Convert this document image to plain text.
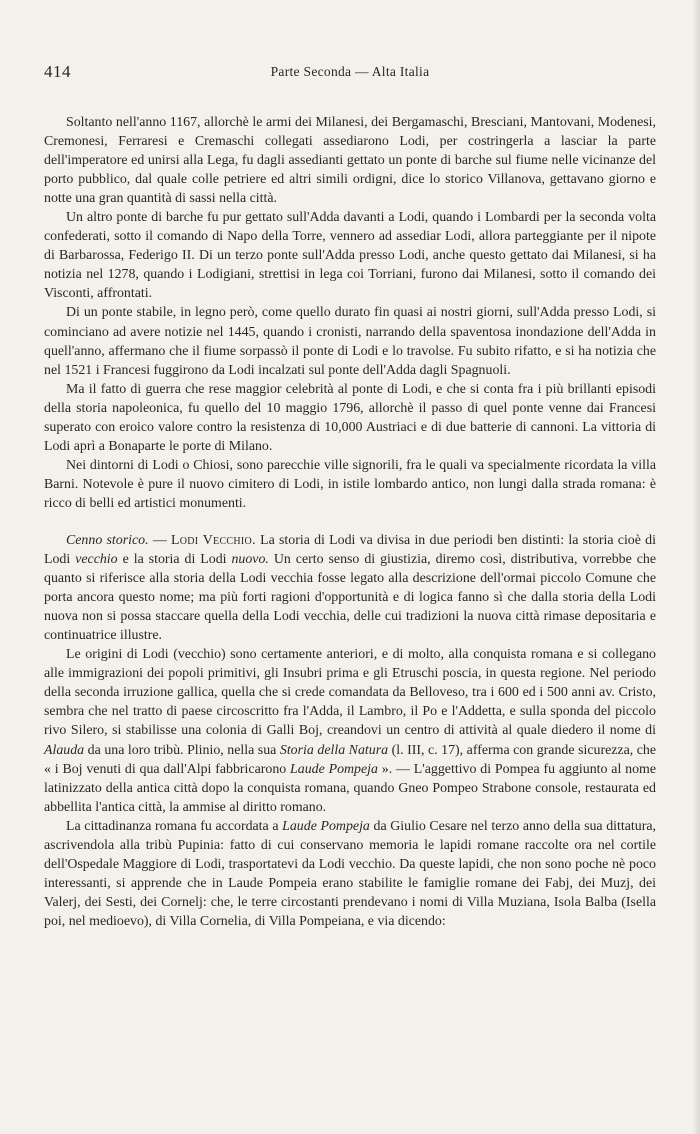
414	Parte Seconda — Alta Italia

Soltanto nell'anno 1167, allorchè le armi dei Milanesi, dei Bergamaschi, Bresciani, Mantovani, Modenesi, Cremonesi, Ferraresi e Cremaschi collegati assediarono Lodi, per costringerla a lasciar la parte dell'imperatore ed unirsi alla Lega, fu dagli assedianti gettato un ponte di barche sul fiume nelle vicinanze del porto pubblico, dal quale colle petriere ed altri simili ordigni, dice lo storico Villanova, gettavano giorno e notte una gran quantità di sassi nella città.

Un altro ponte di barche fu pur gettato sull'Adda davanti a Lodi, quando i Lombardi per la seconda volta confederati, sotto il comando di Napo della Torre, vennero ad assediar Lodi, allora parteggiante per il nipote di Barbarossa, Federigo II. Di un terzo ponte sull'Adda presso Lodi, anche questo gettato dai Milanesi, si ha notizia nel 1278, quando i Lodigiani, strettisi in lega coi Torriani, furono dai Milanesi, sotto il comando dei Visconti, affrontati.

Di un ponte stabile, in legno però, come quello durato fin quasi ai nostri giorni, sull'Adda presso Lodi, si cominciano ad avere notizie nel 1445, quando i cronisti, narrando della spaventosa inondazione dell'Adda in quell'anno, affermano che il fiume sorpassò il ponte di Lodi e lo travolse. Fu subito rifatto, e si ha notizia che nel 1521 i Francesi fuggirono da Lodi incalzati sul ponte dell'Adda dagli Spagnuoli.

Ma il fatto di guerra che rese maggior celebrità al ponte di Lodi, e che si conta fra i più brillanti episodi della storia napoleonica, fu quello del 10 maggio 1796, allorchè il passo di quel ponte venne dai Francesi superato con eroico valore contro la resistenza di 10,000 Austriaci e di due batterie di cannoni. La vittoria di Lodi aprì a Bonaparte le porte di Milano.

Nei dintorni di Lodi o Chiosi, sono parecchie ville signorili, fra le quali va specialmente ricordata la villa Barni. Notevole è pure il nuovo cimitero di Lodi, in istile lombardo antico, non lungi dalla strada romana: è ricco di belli ed artistici monumenti.

Cenno storico. — Lodi Vecchio. La storia di Lodi va divisa in due periodi ben distinti: la storia cioè di Lodi vecchio e la storia di Lodi nuovo. Un certo senso di giustizia, diremo così, distributiva, vorrebbe che quanto si riferisce alla storia della Lodi vecchia fosse legato alla descrizione dell'ormai piccolo Comune che porta ancora questo nome; ma più forti ragioni d'opportunità e di logica fanno sì che dalla storia della Lodi nuova non si possa staccare quella della Lodi vecchia, delle cui tradizioni la nuova città rimase depositaria e continuatrice illustre.

Le origini di Lodi (vecchio) sono certamente anteriori, e di molto, alla conquista romana e si collegano alle immigrazioni dei popoli primitivi, gli Insubri prima e gli Etruschi poscia, in questa regione. Nel periodo della seconda irruzione gallica, quella che si crede comandata da Belloveso, tra i 600 ed i 500 anni av. Cristo, sembra che nel tratto di paese circoscritto fra l'Adda, il Lambro, il Po e l'Addetta, e sulla sponda del piccolo rivo Silero, si stabilisse una colonia di Galli Boj, creandovi un centro di attività al quale diedero il nome di Alauda da una loro tribù. Plinio, nella sua Storia della Natura (l. III, c. 17), afferma con grande sicurezza, che « i Boj venuti di qua dall'Alpi fabbricarono Laude Pompeja ». — L'aggettivo di Pompea fu aggiunto al nome latinizzato della antica città dopo la conquista romana, quando Gneo Pompeo Strabone console, restaurata ed abbellita l'antica città, la ammise al diritto romano.

La cittadinanza romana fu accordata a Laude Pompeja da Giulio Cesare nel terzo anno della sua dittatura, ascrivendola alla tribù Pupinia: fatto di cui conservano memoria le lapidi romane raccolte ora nel cortile dell'Ospedale Maggiore di Lodi, trasportatevi da Lodi vecchio. Da queste lapidi, che non sono poche nè poco interessanti, si apprende che in Laude Pompeia erano stabilite le famiglie romane dei Fabj, dei Muzj, dei Valerj, dei Sesti, dei Cornelj: che, le terre circostanti prendevano i nomi di Villa Muziana, Isola Balba (Isella poi, nel medioevo), di Villa Cornelia, di Villa Pompeiana, e via dicendo:
